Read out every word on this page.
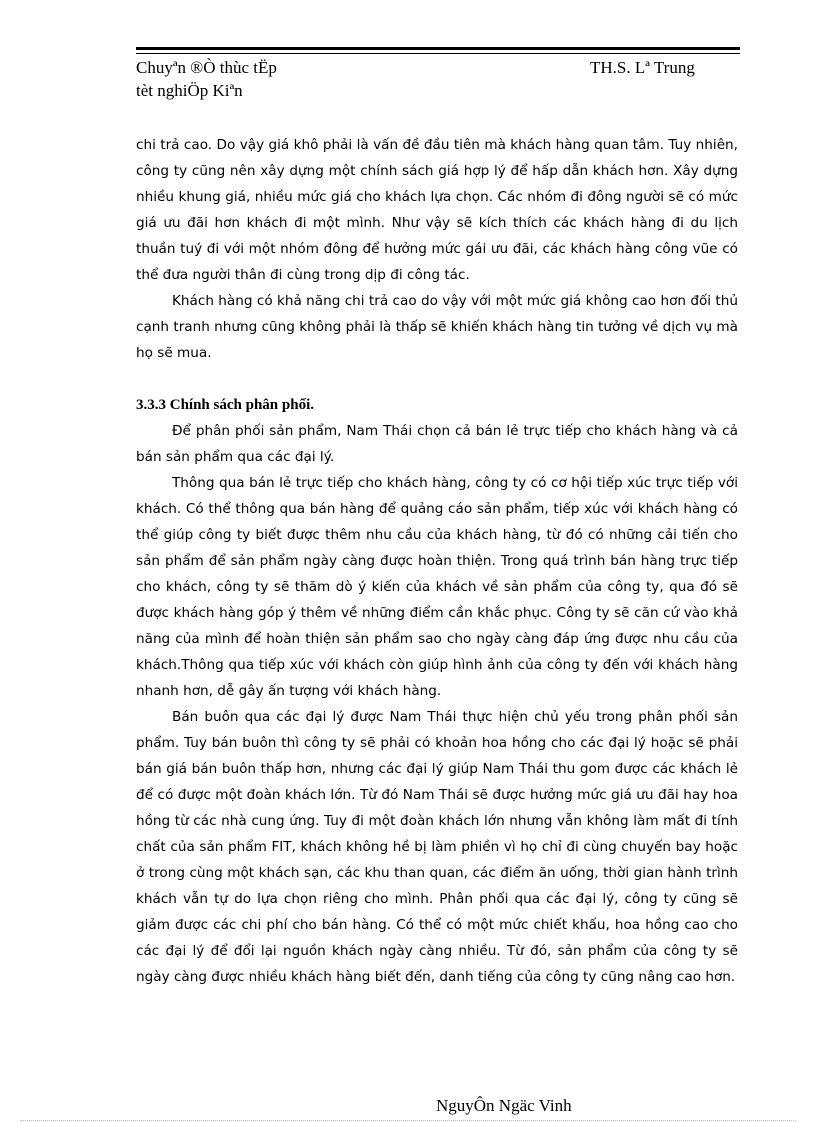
Chuyªn ®Ò thùc tËp tèt nghiÖp Kiªn
TH.S. Lª Trung

chi trả cao. Do vậy giá khô phải là vấn đề đầu tiên mà khách hàng quan tâm. Tuy nhiên, công ty cũng nên xây dựng một chính sách giá hợp lý để hấp dẫn khách hơn. Xây dựng nhiều khung giá, nhiều mức giá cho khách lựa chọn. Các nhóm đi đông người sẽ có mức giá ưu đãi hơn khách đi một mình. Như vậy sẽ kích thích các khách hàng đi du lịch thuần tuý đi với một nhóm đông để hưởng mức gái ưu đãi, các khách hàng công vũe có thể đưa người thân đi cùng trong dịp đi công tác.

Khách hàng có khả năng chi trả cao do vậy với một mức giá không cao hơn đối thủ cạnh tranh nhưng cũng không phải là thấp sẽ khiến khách hàng tin tưởng về dịch vụ mà họ sẽ mua.

3.3.3 Chính sách phân phối.

Để phân phối sản phẩm, Nam Thái chọn cả bán lẻ trực tiếp cho khách hàng và cả bán sản phẩm qua các đại lý.

Thông qua bán lẻ trực tiếp cho khách hàng, công ty có cơ hội tiếp xúc trực tiếp với khách. Có thể thông qua bán hàng để quảng cáo sản phẩm, tiếp xúc với khách hàng có thể giúp công ty biết được thêm nhu cầu của khách hàng, từ đó có những cải tiến cho sản phẩm để sản phẩm ngày càng được hoàn thiện. Trong quá trình bán hàng trực tiếp cho khách, công ty sẽ thăm dò ý kiến của khách về sản phẩm của công ty, qua đó sẽ được khách hàng góp ý thêm về những điểm cần khắc phục. Công ty sẽ căn cứ vào khả năng của mình để hoàn thiện sản phẩm sao cho ngày càng đáp ứng được nhu cầu của khách.Thông qua tiếp xúc với khách còn giúp hình ảnh của công ty đến với khách hàng nhanh hơn, dễ gây ấn tượng với khách hàng.

Bán buôn qua các đại lý được Nam Thái thực hiện chủ yếu trong phân phối sản phẩm. Tuy bán buôn thì công ty sẽ phải có khoản hoa hồng cho các đại lý hoặc sẽ phải bán giá bán buôn thấp hơn, nhưng các đại lý giúp Nam Thái thu gom được các khách lẻ để có được một đoàn khách lớn. Từ đó Nam Thái sẽ được hưởng mức giá ưu đãi hay hoa hồng từ các nhà cung ứng. Tuy đi một đoàn khách lớn nhưng vẫn không làm mất đi tính chất của sản phẩm FIT, khách không hề bị làm phiền vì họ chỉ đi cùng chuyến bay hoặc ở trong cùng một khách sạn, các khu than quan, các điểm ăn uống, thời gian hành trình khách vẫn tự do lựa chọn riêng cho mình. Phân phối qua các đại lý, công ty cũng sẽ giảm được các chi phí cho bán hàng. Có thể có một mức chiết khấu, hoa hồng cao cho các đại lý để đổi lại nguồn khách ngày càng nhiều. Từ đó, sản phẩm của công ty sẽ ngày càng được nhiều khách hàng biết đến, danh tiếng của công ty cũng nâng cao hơn.

NguyÔn Ngäc Vinh
